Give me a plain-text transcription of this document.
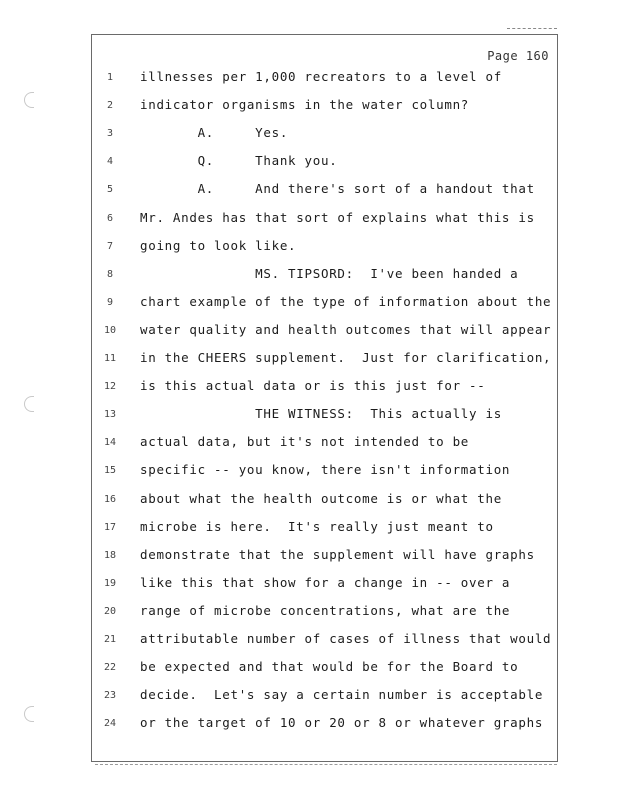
Page 160
1	illnesses per 1,000 recreators to a level of
2	indicator organisms in the water column?
3	A.     Yes.
4	Q.     Thank you.
5	A.     And there's sort of a handout that
6	Mr. Andes has that sort of explains what this is
7	going to look like.
8	MS. TIPSORD:  I've been handed a
9	chart example of the type of information about the
10	water quality and health outcomes that will appear
11	in the CHEERS supplement.  Just for clarification,
12	is this actual data or is this just for --
13	THE WITNESS:  This actually is
14	actual data, but it's not intended to be
15	specific -- you know, there isn't information
16	about what the health outcome is or what the
17	microbe is here.  It's really just meant to
18	demonstrate that the supplement will have graphs
19	like this that show for a change in -- over a
20	range of microbe concentrations, what are the
21	attributable number of cases of illness that would
22	be expected and that would be for the Board to
23	decide.  Let's say a certain number is acceptable
24	or the target of 10 or 20 or 8 or whatever graphs
